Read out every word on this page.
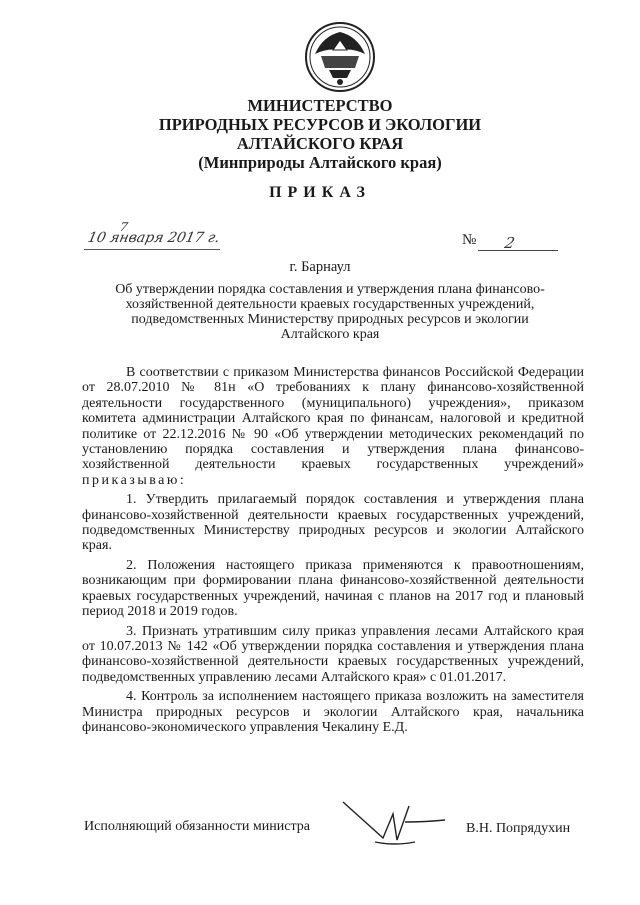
МИНИСТЕРСТВО
ПРИРОДНЫХ РЕСУРСОВ И ЭКОЛОГИИ
АЛТАЙСКОГО КРАЯ
(Минприроды Алтайского края)
ПРИКАЗ
7
10 января 2017 г.	№ 2
г. Барнаул
Об утверждении порядка составления и утверждения плана финансово-хозяйственной деятельности краевых государственных учреждений, подведомственных Министерству природных ресурсов и экологии Алтайского края

В соответствии с приказом Министерства финансов Российской Федерации от 28.07.2010 № 81н «О требованиях к плану финансово-хозяйственной деятельности государственного (муниципального) учреждения», приказом комитета администрации Алтайского края по финансам, налоговой и кредитной политике от 22.12.2016 № 90 «Об утверждении методических рекомендаций по установлению порядка составления и утверждения плана финансово-хозяйственной деятельности краевых государственных учреждений» приказываю:

1. Утвердить прилагаемый порядок составления и утверждения плана финансово-хозяйственной деятельности краевых государственных учреждений, подведомственных Министерству природных ресурсов и экологии Алтайского края.

2. Положения настоящего приказа применяются к правоотношениям, возникающим при формировании плана финансово-хозяйственной деятельности краевых государственных учреждений, начиная с планов на 2017 год и плановый период 2018 и 2019 годов.

3. Признать утратившим силу приказ управления лесами Алтайского края от 10.07.2013 № 142 «Об утверждении порядка составления и утверждения плана финансово-хозяйственной деятельности краевых государственных учреждений, подведомственных управлению лесами Алтайского края» с 01.01.2017.

4. Контроль за исполнением настоящего приказа возложить на заместителя Министра природных ресурсов и экологии Алтайского края, начальника финансово-экономического управления Чекалину Е.Д.

Исполняющий обязанности министра	В.Н. Попрядухин
